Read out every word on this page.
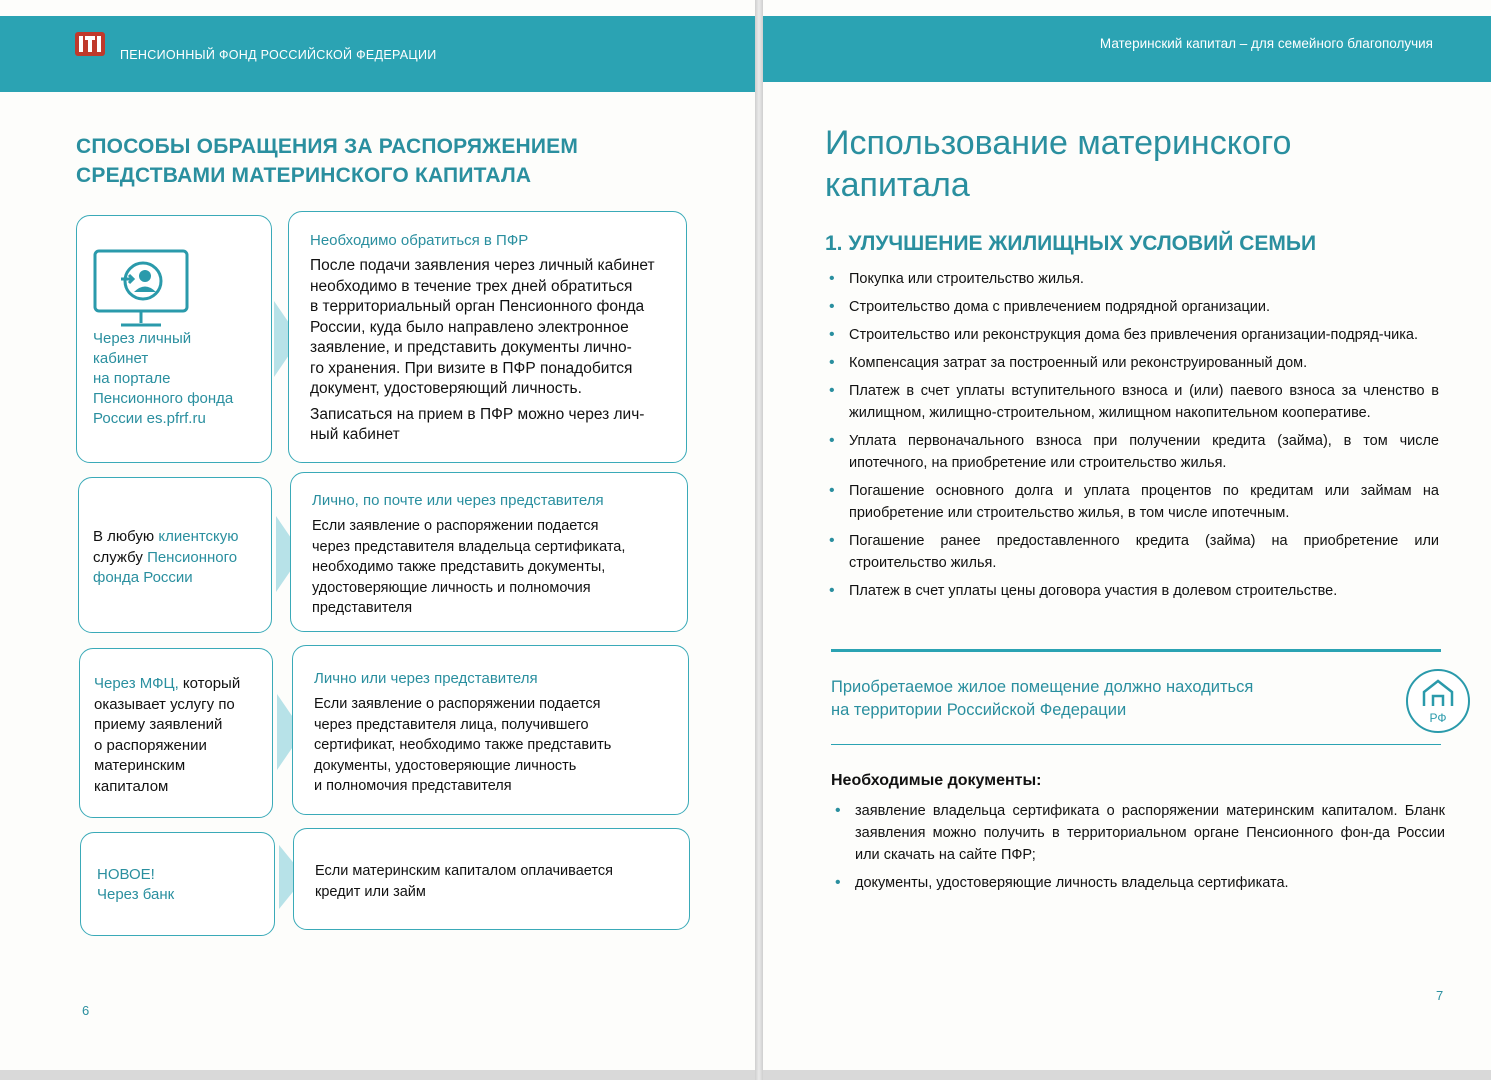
ПЕНСИОННЫЙ ФОНД РОССИЙСКОЙ ФЕДЕРАЦИИ
СПОСОБЫ ОБРАЩЕНИЯ ЗА РАСПОРЯЖЕНИЕМ
СРЕДСТВАМИ МАТЕРИНСКОГО КАПИТАЛА
Через личный
кабинет
на портале
Пенсионного фонда
России es.pfrf.ru
Необходимо обратиться в ПФР
После подачи заявления через личный кабинет
необходимо в течение трех дней обратиться
в территориальный орган Пенсионного фонда
России, куда было направлено электронное
заявление, и представить документы лично-
го хранения. При визите в ПФР понадобится
документ, удостоверяющий личность.
Записаться на прием в ПФР можно через лич-
ный кабинет
В любую клиентскую
службу Пенсионного
фонда России
Лично, по почте или через представителя
Если заявление о распоряжении подается
через представителя владельца сертификата,
необходимо также представить документы,
удостоверяющие личность и полномочия
представителя
Через МФЦ, который
оказывает услугу по
приему заявлений
о распоряжении
материнским
капиталом
Лично или через представителя
Если заявление о распоряжении подается
через представителя лица, получившего
сертификат, необходимо также представить
документы, удостоверяющие личность
и полномочия представителя
НОВОЕ!
Через банк
Если материнским капиталом оплачивается
кредит или займ
6
Материнский капитал – для семейного благополучия
Использование материнского
капитала
1. УЛУЧШЕНИЕ ЖИЛИЩНЫХ УСЛОВИЙ СЕМЬИ
• Покупка или строительство жилья.
• Строительство дома с привлечением подрядной организации.
• Строительство или реконструкция дома без привлечения организации-подряд-чика.
• Компенсация затрат за построенный или реконструированный дом.
• Платеж в счет уплаты вступительного взноса и (или) паевого взноса за членство в жилищном, жилищно-строительном, жилищном накопительном кооперативе.
• Уплата первоначального взноса при получении кредита (займа), в том числе ипотечного, на приобретение или строительство жилья.
• Погашение основного долга и уплата процентов по кредитам или займам на приобретение или строительство жилья, в том числе ипотечным.
• Погашение ранее предоставленного кредита (займа) на приобретение или строительство жилья.
• Платеж в счет уплаты цены договора участия в долевом строительстве.
Приобретаемое жилое помещение должно находиться
на территории Российской Федерации	РФ
Необходимые документы:
• заявление владельца сертификата о распоряжении материнским капиталом. Бланк заявления можно получить в территориальном органе Пенсионного фон-да России или скачать на сайте ПФР;
• документы, удостоверяющие личность владельца сертификата.
7
